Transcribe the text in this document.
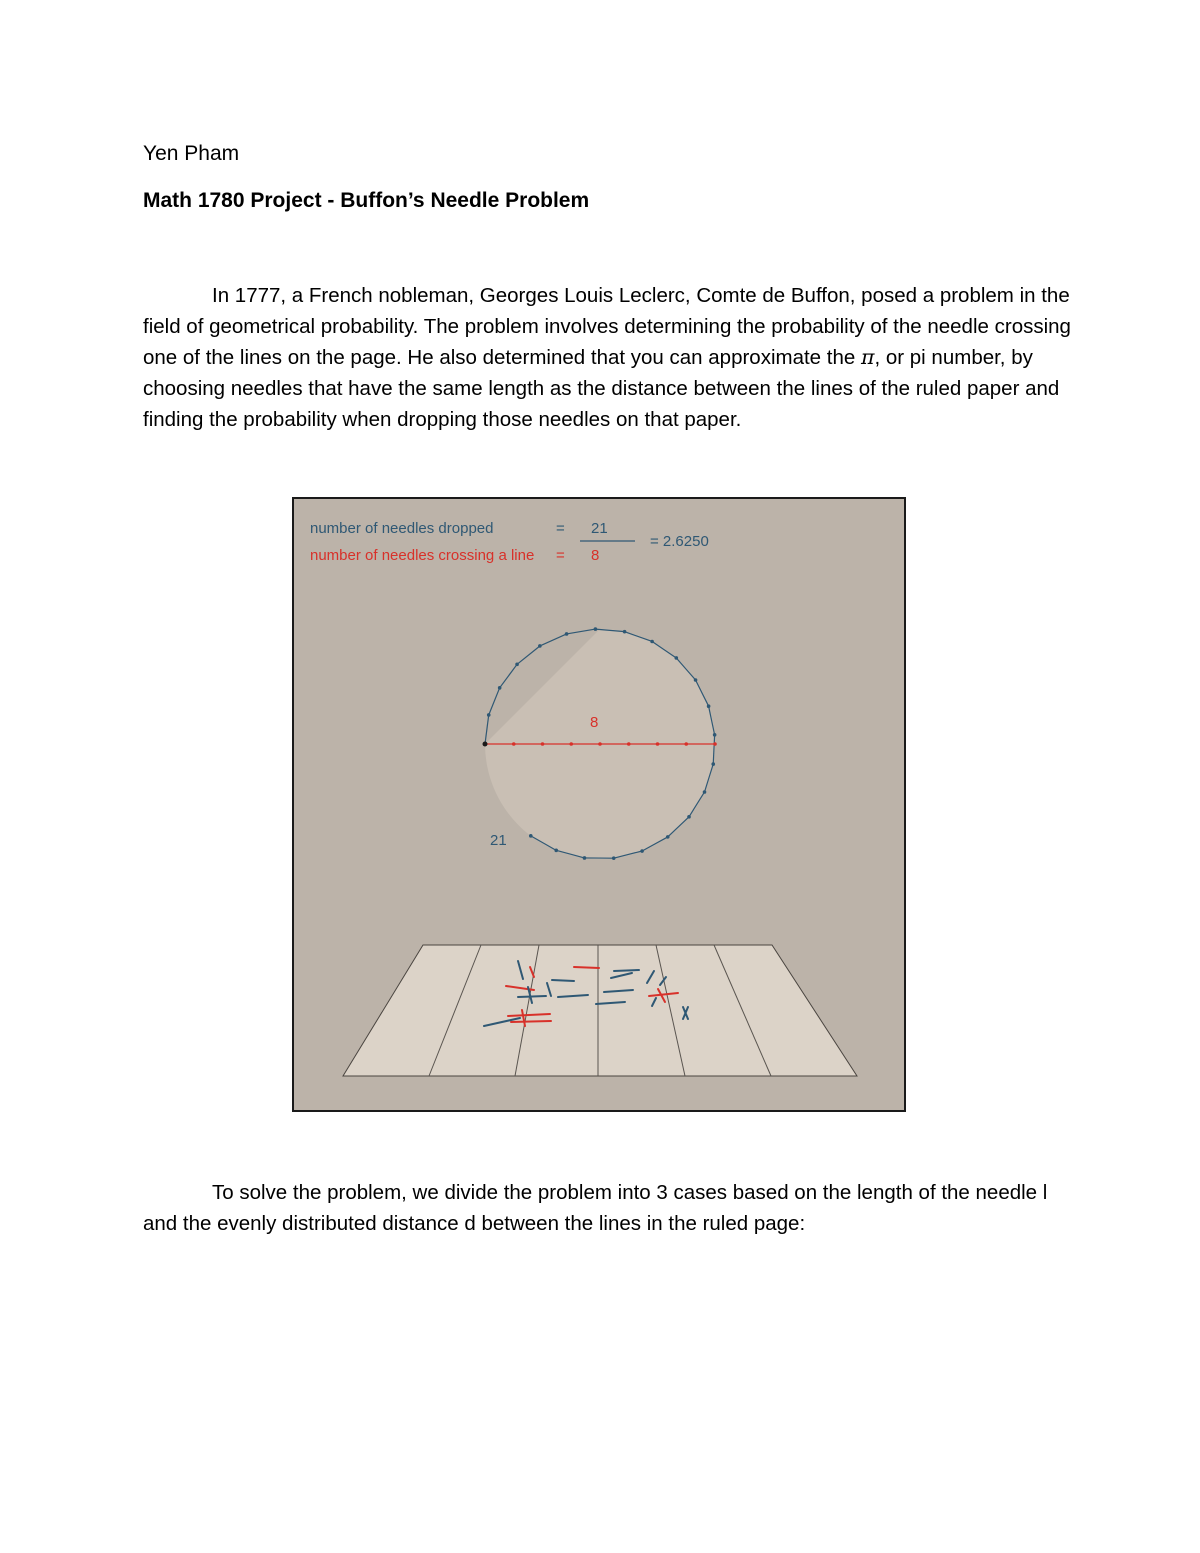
Yen Pham
Math 1780 Project - Buffon’s Needle Problem

In 1777, a French nobleman, Georges Louis Leclerc, Comte de Buffon, posed a problem in the field of geometrical probability. The problem involves determining the probability of the needle crossing one of the lines on the page. He also determined that you can approximate the π, or pi number, by choosing needles that have the same length as the distance between the lines of the ruled paper and finding the probability when dropping those needles on that paper.

number of needles dropped	= 21
= 2.6250
number of needles crossing a line = 8
8
21

To solve the problem, we divide the problem into 3 cases based on the length of the needle l and the evenly distributed distance d between the lines in the ruled page:
